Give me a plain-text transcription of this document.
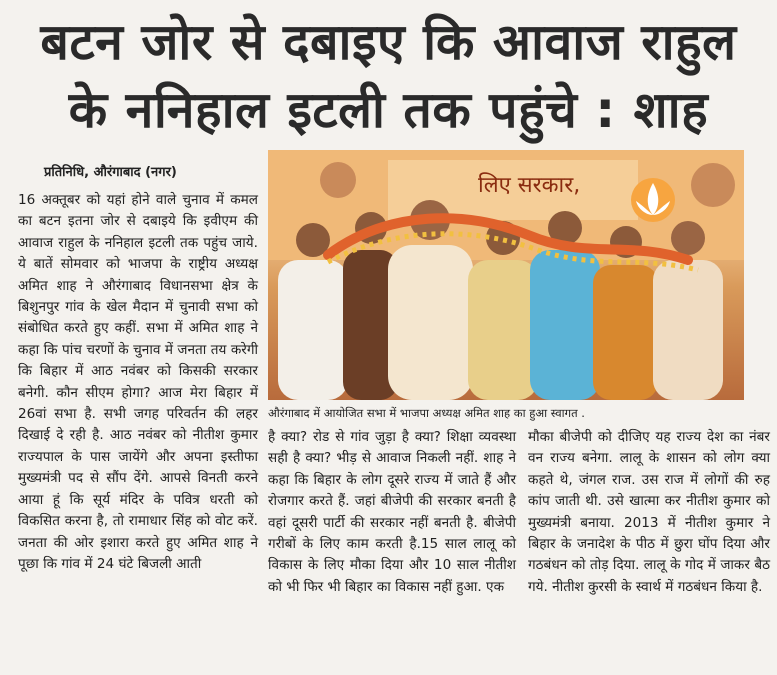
बटन जोर से दबाइए कि आवाज राहुल
के ननिहाल इटली तक पहुंचे : शाह
प्रतिनिधि, औरंगाबाद (नगर)

16 अक्तूबर को यहां होने वाले चुनाव में कमल का बटन इतना जोर से दबाइये कि इवीएम की आवाज राहुल के ननिहाल इटली तक पहुंच जाये. ये बातें सोमवार को भाजपा के राष्ट्रीय अध्यक्ष अमित शाह ने औरंगाबाद विधानसभा क्षेत्र के बिशुनपुर गांव के खेल मैदान में चुनावी सभा को संबोधित करते हुए कहीं. सभा में अमित शाह ने कहा कि पांच चरणों के चुनाव में जनता तय करेगी कि बिहार में आठ नवंबर को किसकी सरकार बनेगी. कौन सीएम होगा? आज मेरा बिहार में 26वां सभा है. सभी जगह परिवर्तन की लहर दिखाई दे रही है. आठ नवंबर को नीतीश कुमार राज्यपाल के पास जायेंगे और अपना इस्तीफा मुख्यमंत्री पद से सौंप देंगे. आपसे विनती करने आया हूं कि सूर्य मंदिर के पवित्र धरती को विकसित करना है, तो रामाधार सिंह को वोट करें. जनता की ओर इशारा करते हुए अमित शाह ने पूछा कि गांव में 24 घंटे बिजली आती

लिए सरकार,
औरंगाबाद में आयोजित सभा में भाजपा अध्यक्ष अमित शाह का हुआ स्वागत .

है क्या? रोड से गांव जुड़ा है क्या? शिक्षा व्यवस्था सही है क्या? भीड़ से आवाज निकली नहीं. शाह ने कहा कि बिहार के लोग दूसरे राज्य में जाते हैं और रोजगार करते हैं. जहां बीजेपी की सरकार बनती है वहां दूसरी पार्टी की सरकार नहीं बनती है. बीजेपी गरीबों के लिए काम करती है.15 साल लालू को विकास के लिए मौका दिया और 10 साल नीतीश को भी फिर भी बिहार का विकास नहीं हुआ. एक

मौका बीजेपी को दीजिए यह राज्य देश का नंबर वन राज्य बनेगा. लालू के शासन को लोग क्या कहते थे, जंगल राज. उस राज में लोगों की रुह कांप जाती थी. उसे खात्मा कर नीतीश कुमार को मुख्यमंत्री बनाया. 2013 में नीतीश कुमार ने बिहार के जनादेश के पीठ में छुरा घोंप दिया और गठबंधन को तोड़ दिया. लालू के गोद में जाकर बैठ गये. नीतीश कुरसी के स्वार्थ में गठबंधन किया है.
